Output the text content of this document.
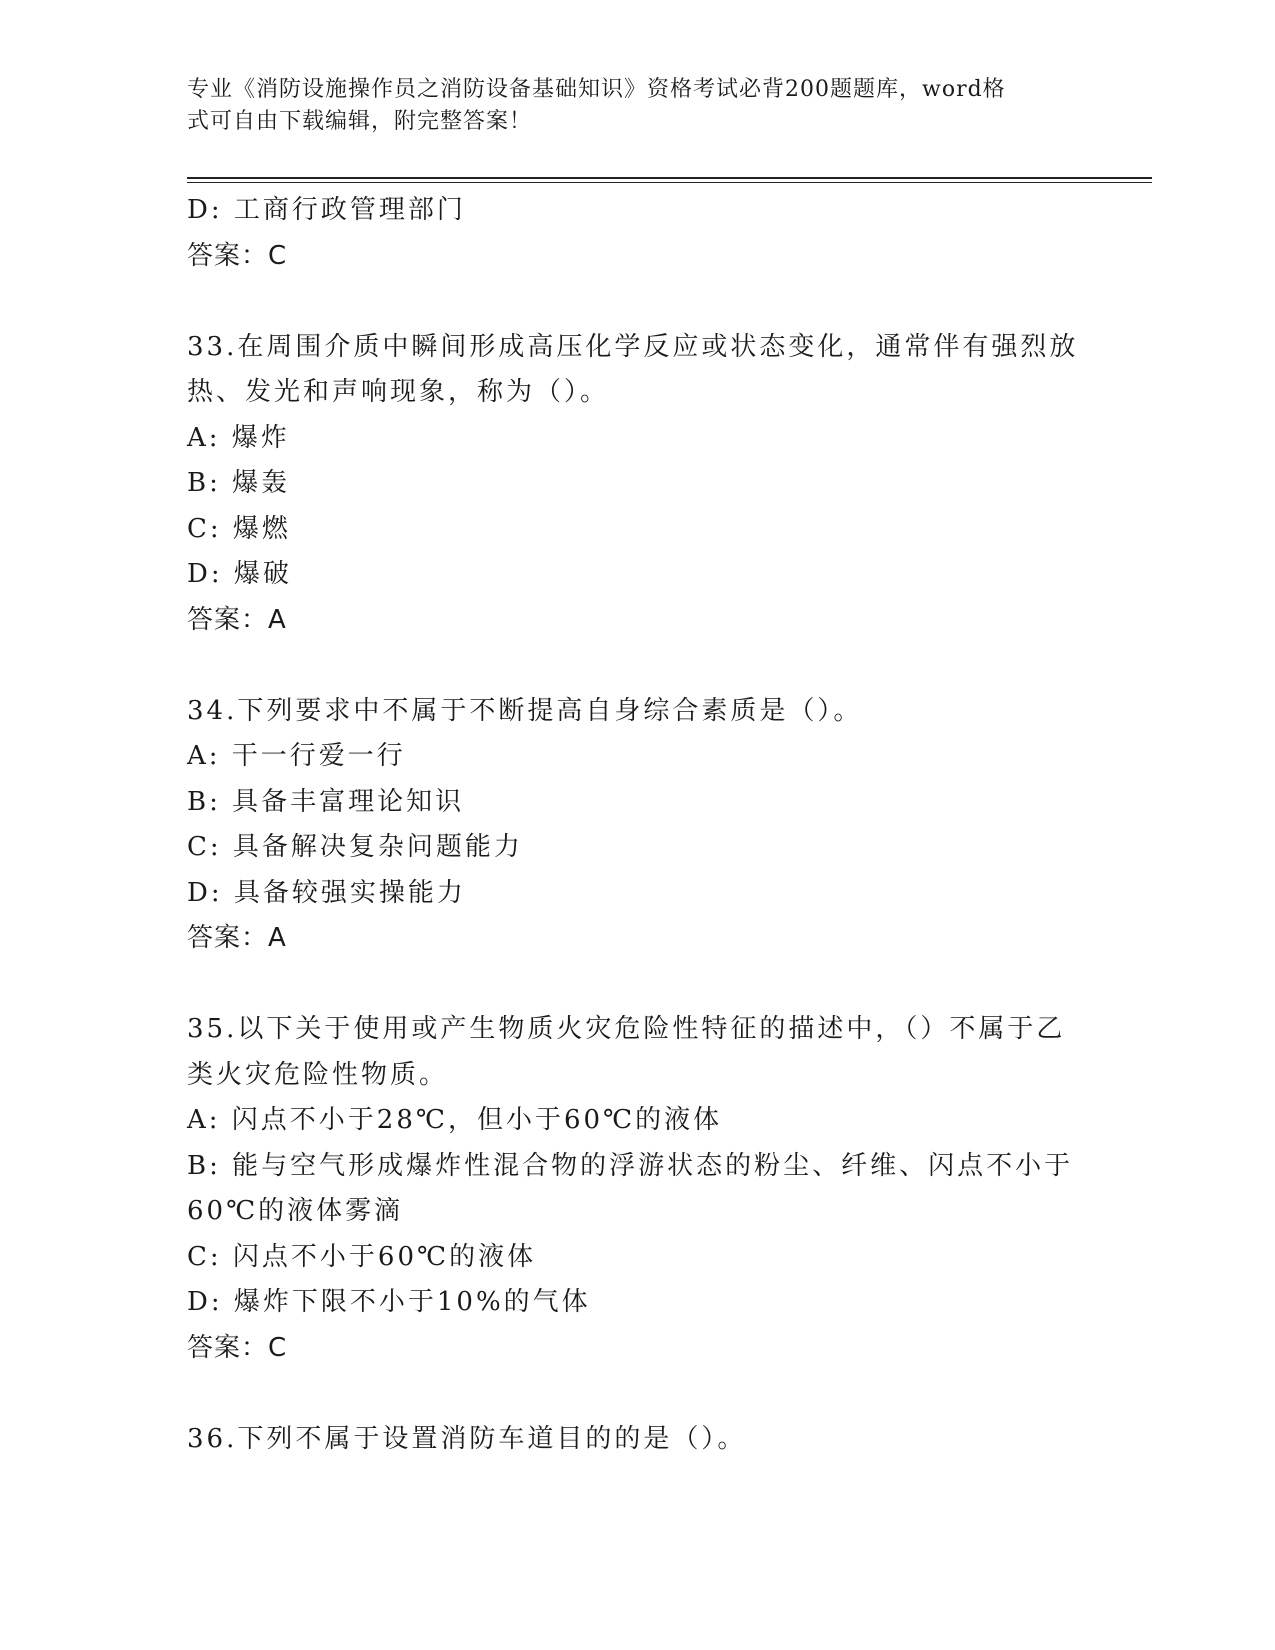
专业《消防设施操作员之消防设备基础知识》资格考试必背200题题库，word格
式可自由下载编辑，附完整答案！
D: 工商行政管理部门
答案：C
33.在周围介质中瞬间形成高压化学反应或状态变化，通常伴有强烈放
热、发光和声响现象，称为（）。
A: 爆炸
B: 爆轰
C: 爆燃
D: 爆破
答案：A
34.下列要求中不属于不断提高自身综合素质是（）。
A: 干一行爱一行
B: 具备丰富理论知识
C: 具备解决复杂问题能力
D: 具备较强实操能力
答案：A
35.以下关于使用或产生物质火灾危险性特征的描述中，（）不属于乙
类火灾危险性物质。
A: 闪点不小于28℃，但小于60℃的液体
B: 能与空气形成爆炸性混合物的浮游状态的粉尘、纤维、闪点不小于
60℃的液体雾滴
C: 闪点不小于60℃的液体
D: 爆炸下限不小于10%的气体
答案：C
36.下列不属于设置消防车道目的的是（）。
